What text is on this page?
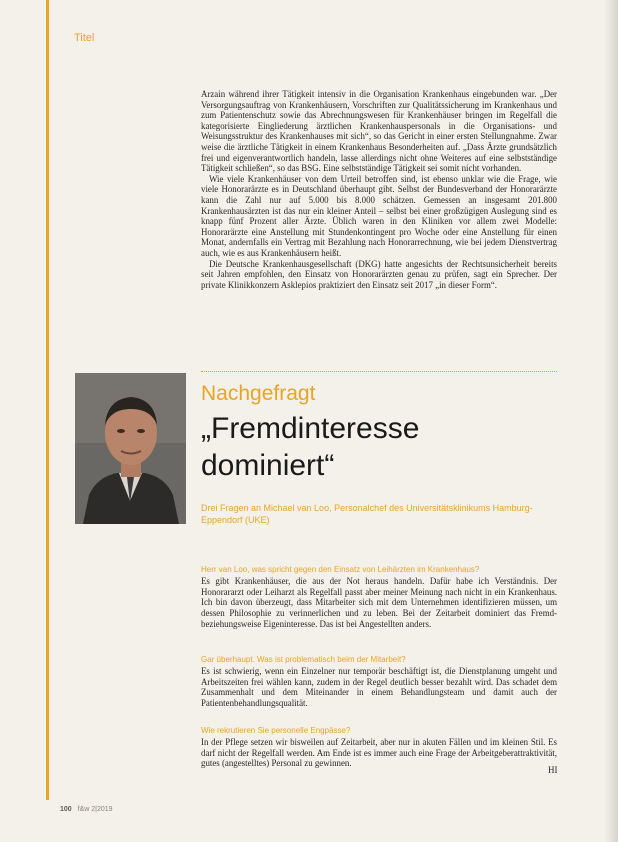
Titel

Arzain während ihrer Tätigkeit intensiv in die Organisation Krankenhaus eingebunden war. „Der Versorgungsauftrag von Krankenhäusern, Vorschriften zur Qualitätssicherung im Krankenhaus und zum Patientenschutz sowie das Abrechnungswesen für Krankenhäuser bringen im Regelfall die kategorisierte Eingliederung ärztlichen Krankenhauspersonals in die Organisations- und Weisungsstruktur des Krankenhauses mit sich“, so das Gericht in einer ersten Stellungnahme. Zwar weise die ärztliche Tätigkeit in einem Krankenhaus Besonderheiten auf. „Dass Ärzte grundsätzlich frei und eigenverantwortlich handeln, lasse allerdings nicht ohne Weiteres auf eine selbstständige Tätigkeit schließen“, so das BSG. Eine selbstständige Tätigkeit sei somit nicht vorhanden.

Wie viele Krankenhäuser von dem Urteil betroffen sind, ist ebenso unklar wie die Frage, wie viele Honorarärzte es in Deutschland überhaupt gibt. Selbst der Bundesverband der Honorarärzte kann die Zahl nur auf 5.000 bis 8.000 schätzen. Gemessen an insgesamt 201.800 Krankenhausärzten ist das nur ein kleiner Anteil – selbst bei einer großzügigen Auslegung sind es knapp fünf Prozent aller Ärzte. Üblich waren in den Kliniken vor allem zwei Modelle: Honorarärzte eine Anstellung mit Stundenkontingent pro Woche oder eine Anstellung für einen Monat, andernfalls ein Vertrag mit Bezahlung nach Honorarrechnung, wie bei jedem Dienstvertrag auch, wie es aus Krankenhäusern heißt.

Die Deutsche Krankenhausgesellschaft (DKG) hatte angesichts der Rechtsunsicherheit bereits seit Jahren empfohlen, den Einsatz von Honorarärzten genau zu prüfen, sagt ein Sprecher. Der private Klinikkonzern Asklepios praktiziert den Einsatz seit 2017 „in dieser Form“.

Nachgefragt
„Fremdinteresse dominiert“
Drei Fragen an Michael van Loo, Personalchef des Universitätsklinikums Hamburg-Eppendorf (UKE)

Herr van Loo, was spricht gegen den Einsatz von Leihärzten im Krankenhaus?

Es gibt Krankenhäuser, die aus der Not heraus handeln. Dafür habe ich Verständnis. Der Honorararzt oder Leiharzt als Regelfall passt aber meiner Meinung nach nicht in ein Krankenhaus. Ich bin davon überzeugt, dass Mitarbeiter sich mit dem Unternehmen identifizieren müssen, um dessen Philosophie zu verinnerlichen und zu leben. Bei der Zeitarbeit dominiert das Fremd- beziehungsweise Eigeninteresse. Das ist bei Angestellten anders.

Gar überhaupt. Was ist problematisch beim der Mitarbeit?

Es ist schwierig, wenn ein Einzelner nur temporär beschäftigt ist, die Dienstplanung umgeht und Arbeitszeiten frei wählen kann, zudem in der Regel deutlich besser bezahlt wird. Das schadet dem Zusammenhalt und dem Miteinander in einem Behandlungsteam und damit auch der Patientenbehandlungsqualität.

Wie rekrutieren Sie personelle Engpässe?

In der Pflege setzen wir bisweilen auf Zeitarbeit, aber nur in akuten Fällen und im kleinen Stil. Es darf nicht der Regelfall werden. Am Ende ist es immer auch eine Frage der Arbeitgeberattraktivität, gutes (angestelltes) Personal zu gewinnen.

HI
100 f&w 2|2019
